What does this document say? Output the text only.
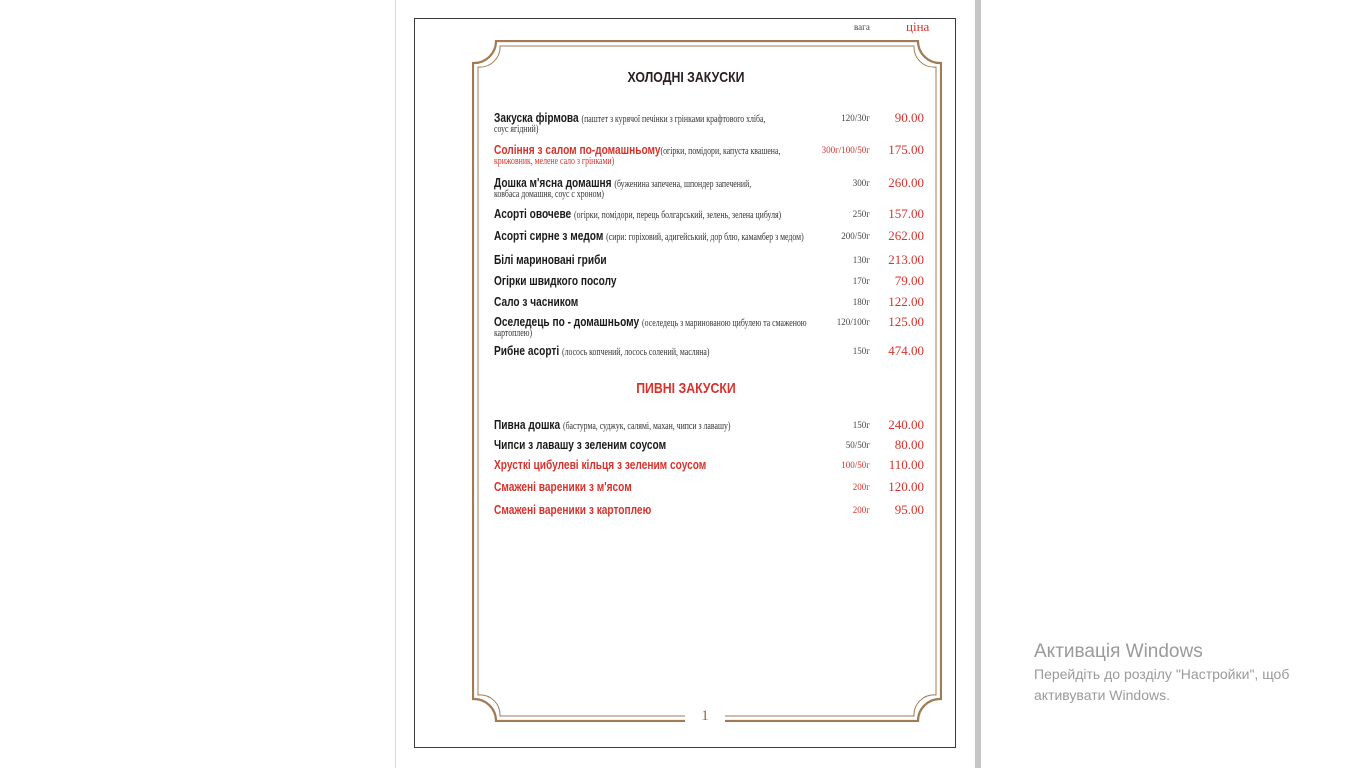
1
ХОЛОДНІ ЗАКУСКИ
вага	ціна
Закуска фірмова (паштет з курячої печінки з грінками крафтового хліба,	120/30г 90.00
соус ягідний)
Соління з салом по-домашньому(огірки, помідори, капуста квашена,	300г/100/50г 175.00
крижовник, мелене сало з грінками)
Дошка м'ясна домашня (буженина запечена, шпондер запечений,	300г 260.00
ковбаса домашня, соус с хроном)
Асорті овочеве (огірки, помідори, перець болгарський, зелень, зелена цибуля)	250г 157.00
Асорті сирне з медом (сири: горіховий, адигейський, дор блю, камамбер з медом)	200/50г 262.00
Білі мариновані гриби	130г 213.00
Огірки швидкого посолу	170г 79.00
Сало з часником	180г 122.00
Оселедець по - домашньому (оселедець з маринованою цибулею та смаженою	120/100г 125.00
картоплею)
Рибне асорті (лосось копчений, лосось солений, масляна)	150г 474.00
ПИВНІ ЗАКУСКИ
Пивна дошка (бастурма, суджук, салямі, махан, чипси з лавашу)	150г 240.00
Чипси з лавашу з зеленим соусом	50/50г 80.00
Хрусткі цибулеві кільця з зеленим соусом	100/50г 110.00
Смажені вареники з м'ясом	200г 120.00
Смажені вареники з картоплею	200г 95.00
Активація Windows
Перейдіть до розділу "Настройки", щоб
активувати Windows.
